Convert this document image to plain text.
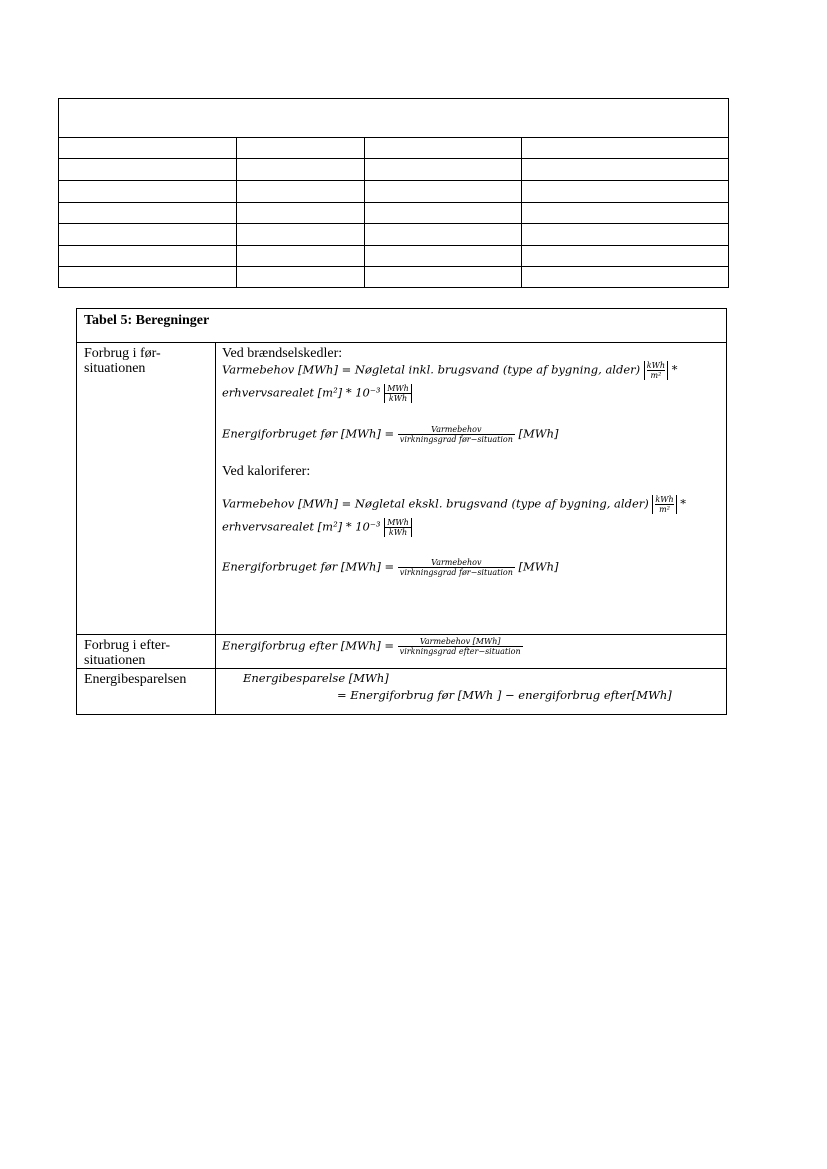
Tabel 5: Beregninger
Forbrug i før-situationen
Ved brændselskedler:
Varmebehov [MWh] = Nøgletal inkl. brugsvand (type af bygning, alder) kWh
m² *
erhvervsarealet $[m^2] * 10^{-3} \frac{\text{MWh}}{\text{kWh}}$
Energiforbruget før $[MWh] = \frac{\text{Varmebehov}}{\text{virkningsgrad før−situation}} [MWh]$
Ved kaloriferer:
Varmebehov [MWh] = Nøgletal ekskl. brugsvand (type af bygning, alder) kWh
m² *
erhvervsarealet $[m^2] * 10^{-3} \frac{\text{MWh}}{\text{kWh}}$
Energiforbruget før $[MWh] = \frac{\text{Varmebehov}}{\text{virkningsgrad før−situation}} [MWh]$
Forbrug i efter-situationen
Energiforbrug efter $[MWh] = \frac{\text{Varmebehov [MWh]}}{\text{virkningsgrad efter−situation}}$
Energibesparelsen	Energibesparelse [MWh]
= Energiforbrug før [MWh ] − energiforbrug efter[MWh]
